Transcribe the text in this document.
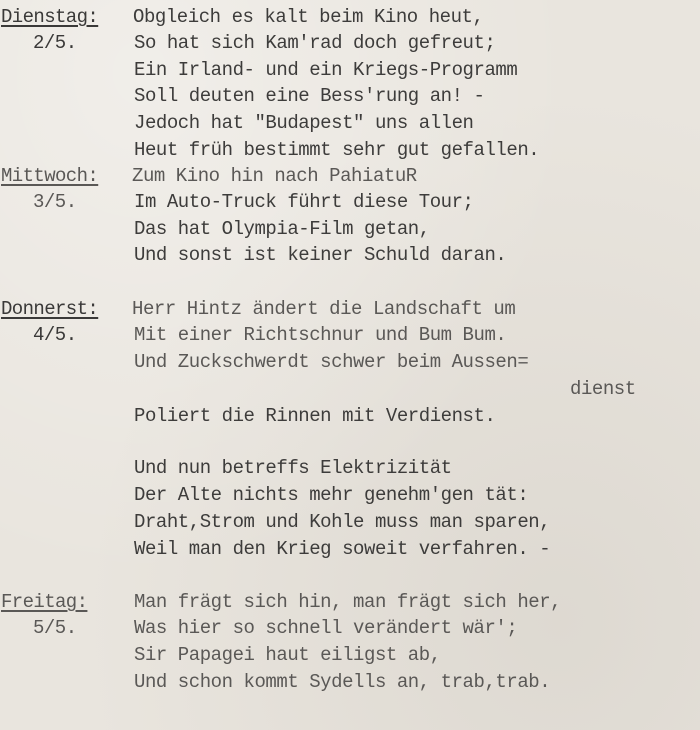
Dienstag:
2/5.
Obgleich es kalt beim Kino heut,
So hat sich Kam'rad doch gefreut;
Ein Irland- und ein Kriegs-Programm
Soll deuten eine Bess'rung an! -
Jedoch hat "Budapest" uns allen
Heut früh bestimmt sehr gut gefallen.
Mittwoch:
3/5.
Zum Kino hin nach PahiatuR
Im Auto-Truck führt diese Tour;
Das hat Olympia-Film getan,
Und sonst ist keiner Schuld daran.
Donnerst:
4/5.
Herr Hintz ändert die Landschaft um
Mit einer Richtschnur und Bum Bum.
Und Zuckschwerdt schwer beim Aussen=
dienst
Poliert die Rinnen mit Verdienst.
Und nun betreffs Elektrizität
Der Alte nichts mehr genehm'gen tät:
Draht,Strom und Kohle muss man sparen,
Weil man den Krieg soweit verfahren. -
Freitag:
5/5.
Man frägt sich hin, man frägt sich her,
Was hier so schnell verändert wär';
Sir Papagei haut eiligst ab,
Und schon kommt Sydells an, trab,trab.
